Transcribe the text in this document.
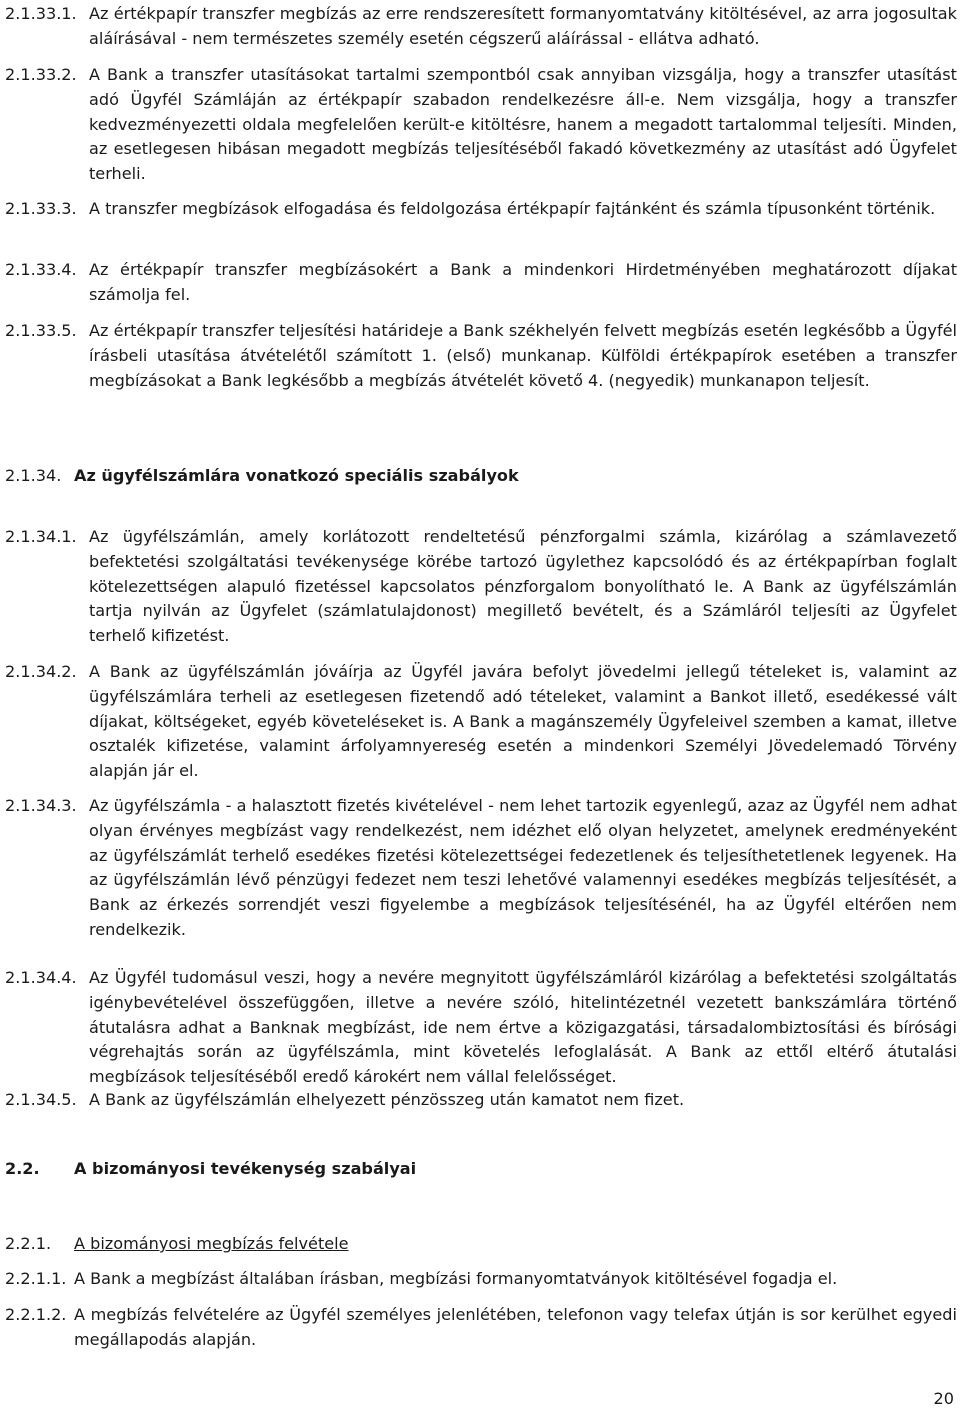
2.1.33.1. Az értékpapír transzfer megbízás az erre rendszeresített formanyomtatvány kitöltésével, az arra jogosultak aláírásával - nem természetes személy esetén cégszerű aláírással - ellátva adható.
2.1.33.2. A Bank a transzfer utasításokat tartalmi szempontból csak annyiban vizsgálja, hogy a transzfer utasítást adó Ügyfél Számláján az értékpapír szabadon rendelkezésre áll-e. Nem vizsgálja, hogy a transzfer kedvezményezetti oldala megfelelően került-e kitöltésre, hanem a megadott tartalommal teljesíti. Minden, az esetlegesen hibásan megadott megbízás teljesítéséből fakadó következmény az utasítást adó Ügyfelet terheli.
2.1.33.3. A transzfer megbízások elfogadása és feldolgozása értékpapír fajtánként és számla típusonként történik.
2.1.33.4. Az értékpapír transzfer megbízásokért a Bank a mindenkori Hirdetményében meghatározott díjakat számolja fel.
2.1.33.5. Az értékpapír transzfer teljesítési határideje a Bank székhelyén felvett megbízás esetén legkésőbb a Ügyfél írásbeli utasítása átvételétől számított 1. (első) munkanap. Külföldi értékpapírok esetében a transzfer megbízásokat a Bank legkésőbb a megbízás átvételét követő 4. (negyedik) munkanapon teljesít.
2.1.34. Az ügyfélszámlára vonatkozó speciális szabályok
2.1.34.1. Az ügyfélszámlán, amely korlátozott rendeltetésű pénzforgalmi számla, kizárólag a számlavezető befektetési szolgáltatási tevékenysége körébe tartozó ügylethez kapcsolódó és az értékpapírban foglalt kötelezettségen alapuló fizetéssel kapcsolatos pénzforgalom bonyolítható le. A Bank az ügyfélszámlán tartja nyilván az Ügyfelet (számlatulajdonost) megillető bevételt, és a Számláról teljesíti az Ügyfelet terhelő kifizetést.
2.1.34.2. A Bank az ügyfélszámlán jóváírja az Ügyfél javára befolyt jövedelmi jellegű tételeket is, valamint az ügyfélszámlára terheli az esetlegesen fizetendő adó tételeket, valamint a Bankot illető, esedékessé vált díjakat, költségeket, egyéb követeléseket is. A Bank a magánszemély Ügyfeleivel szemben a kamat, illetve osztalék kifizetése, valamint árfolyamnyereség esetén a mindenkori Személyi Jövedelemadó Törvény alapján jár el.
2.1.34.3. Az ügyfélszámla - a halasztott fizetés kivételével - nem lehet tartozik egyenlegű, azaz az Ügyfél nem adhat olyan érvényes megbízást vagy rendelkezést, nem idézhet elő olyan helyzetet, amelynek eredményeként az ügyfélszámlát terhelő esedékes fizetési kötelezettségei fedezetlenek és teljesíthetetlenek legyenek. Ha az ügyfélszámlán lévő pénzügyi fedezet nem teszi lehetővé valamennyi esedékes megbízás teljesítését, a Bank az érkezés sorrendjét veszi figyelembe a megbízások teljesítésénél, ha az Ügyfél eltérően nem rendelkezik.
2.1.34.4. Az Ügyfél tudomásul veszi, hogy a nevére megnyitott ügyfélszámláról kizárólag a befektetési szolgáltatás igénybevételével összefüggően, illetve a nevére szóló, hitelintézetnél vezetett bankszámlára történő átutalásra adhat a Banknak megbízást, ide nem értve a közigazgatási, társadalombiztosítási és bírósági végrehajtás során az ügyfélszámla, mint követelés lefoglalását. A Bank az ettől eltérő átutalási megbízások teljesítéséből eredő károkért nem vállal felelősséget.
2.1.34.5. A Bank az ügyfélszámlán elhelyezett pénzösszeg után kamatot nem fizet.
2.2. A bizományosi tevékenység szabályai
2.2.1. A bizományosi megbízás felvétele
2.2.1.1. A Bank a megbízást általában írásban, megbízási formanyomtatványok kitöltésével fogadja el.
2.2.1.2. A megbízás felvételére az Ügyfél személyes jelenlétében, telefonon vagy telefax útján is sor kerülhet egyedi megállapodás alapján.
20
